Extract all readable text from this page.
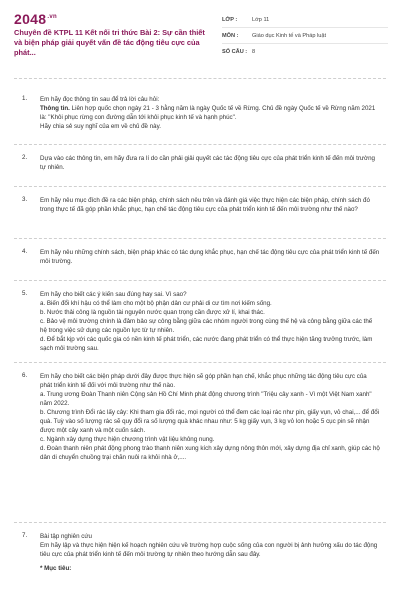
$2048^{.vn}$
Chuyên đề KTPL 11 Kết nối tri thức Bài 2: Sự cần thiết và biện pháp giải quyết vấn đề tác động tiêu cực của phát...
LỚP :	Lớp 11
MÔN :	Giáo dục Kinh tế và Pháp luật
SỐ CÂU : 8
1. Em hãy đọc thông tin sau để trả lời câu hỏi:

Thông tin. Liên hợp quốc chọn ngày 21 - 3 hằng năm là ngày Quốc tế về Rừng. Chủ đề ngày Quốc tế về Rừng năm 2021 là: "Khôi phục rừng con đường dẫn tới khôi phục kinh tế và hạnh phúc".

Hãy chia sẻ suy nghĩ của em về chủ đề này.

2. Dựa vào các thông tin, em hãy đưa ra lí do cần phải giải quyết các tác động tiêu cực của phát triển kinh tế đến môi trường tự nhiên.

3. Em hãy nêu mục đích đề ra các biện pháp, chính sách nêu trên và đánh giá việc thực hiện các biện pháp, chính sách đó trong thực tế đã góp phần khắc phục, hạn chế tác động tiêu cực của phát triển kinh tế đến môi trường như thế nào?

4. Em hãy nêu những chính sách, biện pháp khác có tác dụng khắc phục, hạn chế tác động tiêu cực của phát triển kinh tế đến môi trường.

5. Em hãy cho biết các ý kiến sau đúng hay sai. Vì sao?

a. Biến đổi khí hậu có thể làm cho một bộ phận dân cư phải di cư tìm nơi kiếm sống.

b. Nước thải công là nguồn tài nguyên nước quan trọng cần được xử lí, khai thác.

c. Bảo vệ môi trường chính là đảm bảo sự công bằng giữa các nhóm người trong cùng thế hệ và công bằng giữa các thế hệ trong việc sử dụng các nguồn lực từ tự nhiên.

d. Để bắt kịp với các quốc gia có nền kinh tế phát triển, các nước đang phát triển có thể thực hiện tăng trưởng trước, làm sạch môi trường sau.

6. Em hãy cho biết các biện pháp dưới đây được thực hiện sẽ góp phần hạn chế, khắc phục những tác động tiêu cực của phát triển kinh tế đối với môi trường như thế nào.

a. Trung ương Đoàn Thanh niên Cộng sản Hồ Chí Minh phát động chương trình "Triệu cây xanh - Vì một Việt Nam xanh" năm 2022.

b. Chương trình Đổi rác lấy cây: Khi tham gia đổi rác, mọi người có thể đem các loại rác như pin, giấy vụn, vỏ chai,... để đổi quà. Tuỳ vào số lượng rác sẽ quy đổi ra số lượng quà khác nhau như: 5 kg giấy vụn, 3 kg vỏ lon hoặc 5 cục pin sẽ nhận được một cây xanh và một cuốn sách.

c. Ngành xây dựng thực hiện chương trình vật liệu không nung.

d. Đoàn thanh niên phát động phong trào thanh niên xung kích xây dựng nông thôn mới, xây dựng địa chỉ xanh, giúp các hộ dân di chuyển chuồng trại chăn nuôi ra khỏi nhà ở,....

7. Bài tập nghiên cứu

Em hãy lập và thực hiện hiện kế hoạch nghiên cứu về trường hợp cuộc sống của con người bị ảnh hưởng xấu do tác động tiêu cực của phát triển kinh tế đến môi trường tự nhiên theo hướng dẫn sau đây.

* Mục tiêu:
